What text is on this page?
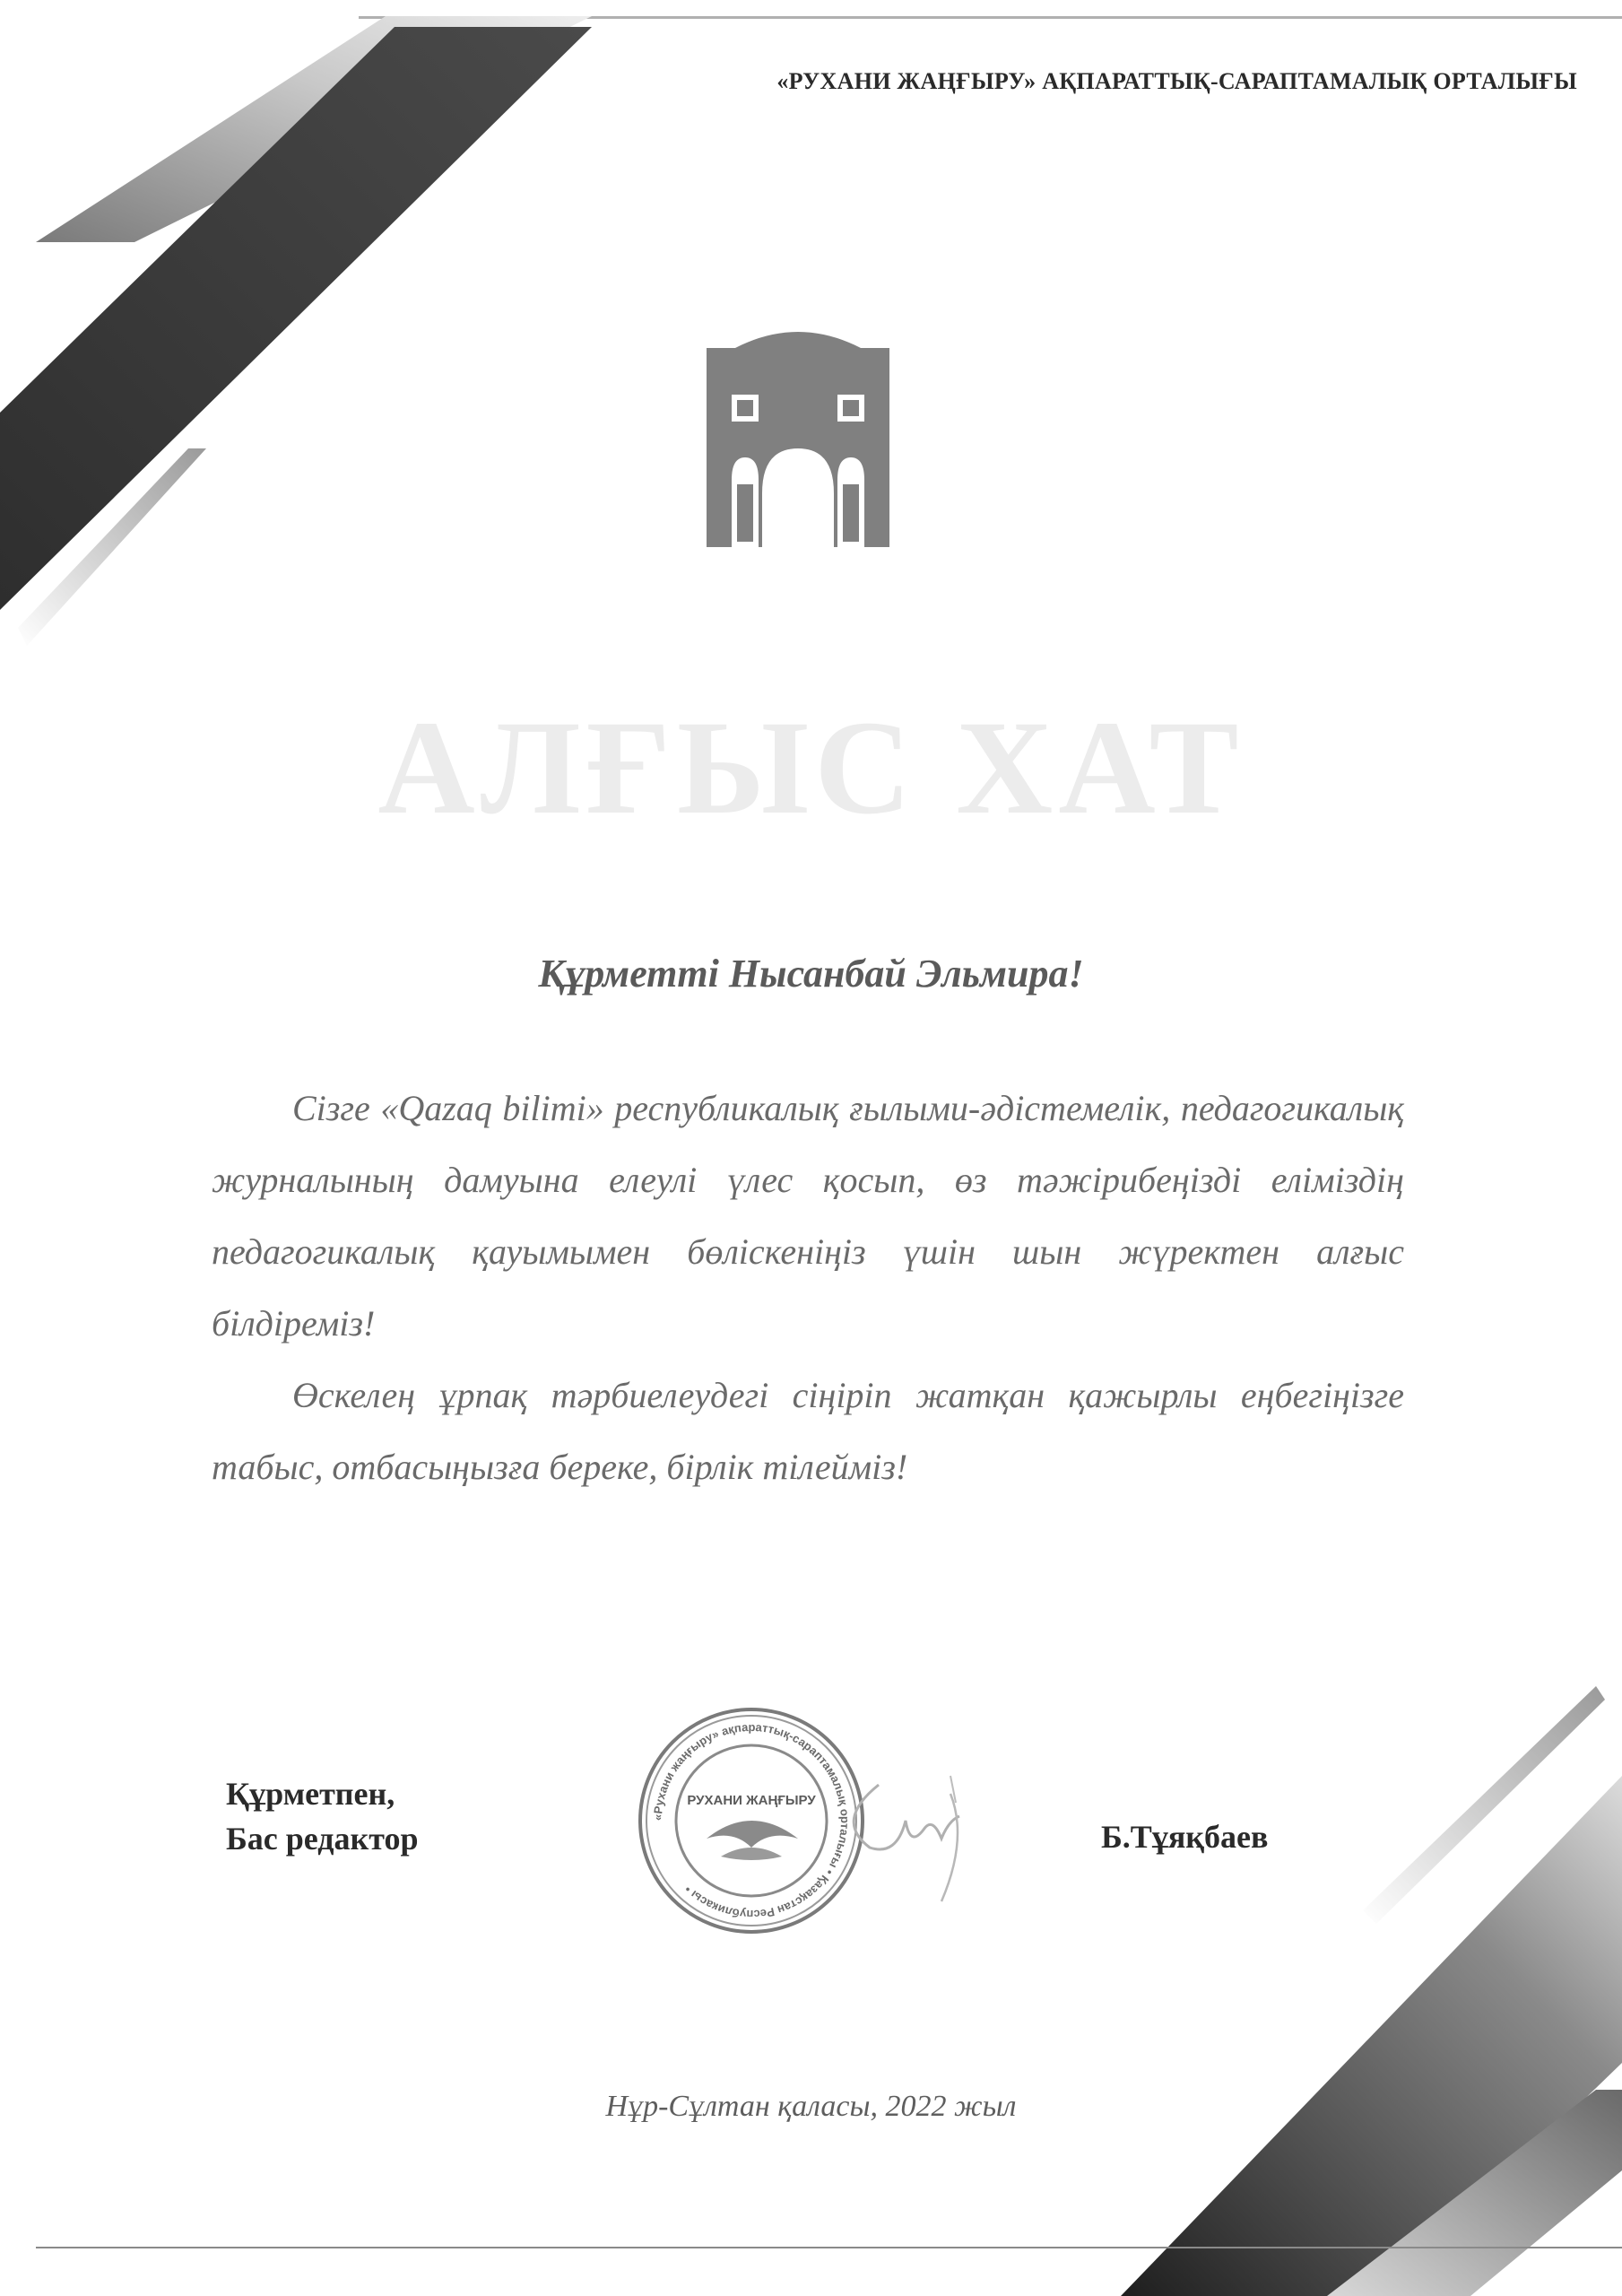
«РУХАНИ ЖАҢҒЫРУ» АҚПАРАТТЫҚ-САРАПТАМАЛЫҚ ОРТАЛЫҒЫ
АЛҒЫС ХАТ
Құрметті Нысанбай Эльмира!

Сізге «Qazaq bilimi» республикалық ғылыми-әдістемелік, педагогикалық журналының дамуына елеулі үлес қосып, өз тәжірибеңізді еліміздің педагогикалық қауымымен бөліскеніңіз үшін шын жүректен алғыс білдіреміз!

Өскелең ұрпақ тәрбиелеудегі сіңіріп жатқан қажырлы еңбегіңізге табыс, отбасыңызға береке, бірлік тілейміз!

Құрметпен,
Бас редактор
«Рухани жаңғыру» ақпараттық-сараптамалық орталығы • Қазақстан Республикасы •
РУХАНИ ЖАҢҒЫРУ
Б.Тұяқбаев
Нұр-Сұлтан қаласы, 2022 жыл
